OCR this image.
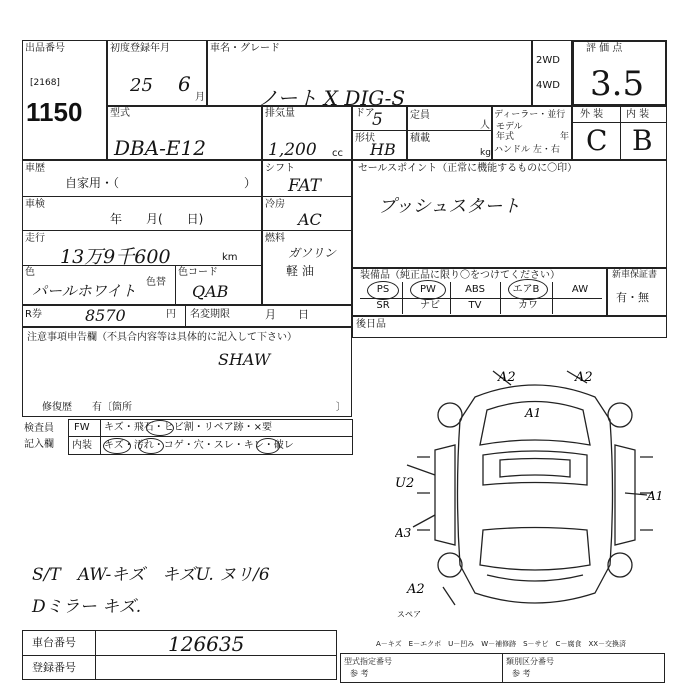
出品番号
[2168]
1150
初度登録年月
25 6
月
車名・グレード
ノート X DIG-S
2WD
4WD
評 価 点
3.5
型式
DBA-E12
排気量
1,200 cc
ドア
5
形状
HB
定員
人
積載
kg
ディーラー・並行
モデル
年式	年
ハンドル 左・右
外 装 内 装
C B
車歴
自家用・（	）
車検
年　　月(　　日)
走行
13万9千600	km
色
パールホワイト 色替
色コード
QAB
シフト
FAT
冷房
AC
燃料
ガソリン
軽 油
R券	8570	円 名変期限	月　　日
セールスポイント（正常に機能するものに〇印）
プッシュスタート
装備品（純正品に限り〇をつけてください）
PS	PW	ABS	エアB	AW
SR	ナビ	TV	カワ
新車保証書
有・無
後日品
注意事項申告欄（不具合内容等は具体的に記入して下さい）
SHAW
修復歴　　有〔箇所	〕
検査員
記入欄
FW キズ・飛石・ヒビ割・リペア跡・×要
内装 キズ・汚れ・コゲ・穴・スレ・キレ・破レ
A2	A2
A1
U2
A1
A3
A2
スペア
S/T　AW-キズ　キズU. ヌリ/6
Dミラー キズ.
車台番号	126635
登録番号
A－キズ　E－エクボ　U－凹み　W－補修跡　S－サビ　C－腐食　XX－交換済
型式指定番号
参 考
類別区分番号
参 考
